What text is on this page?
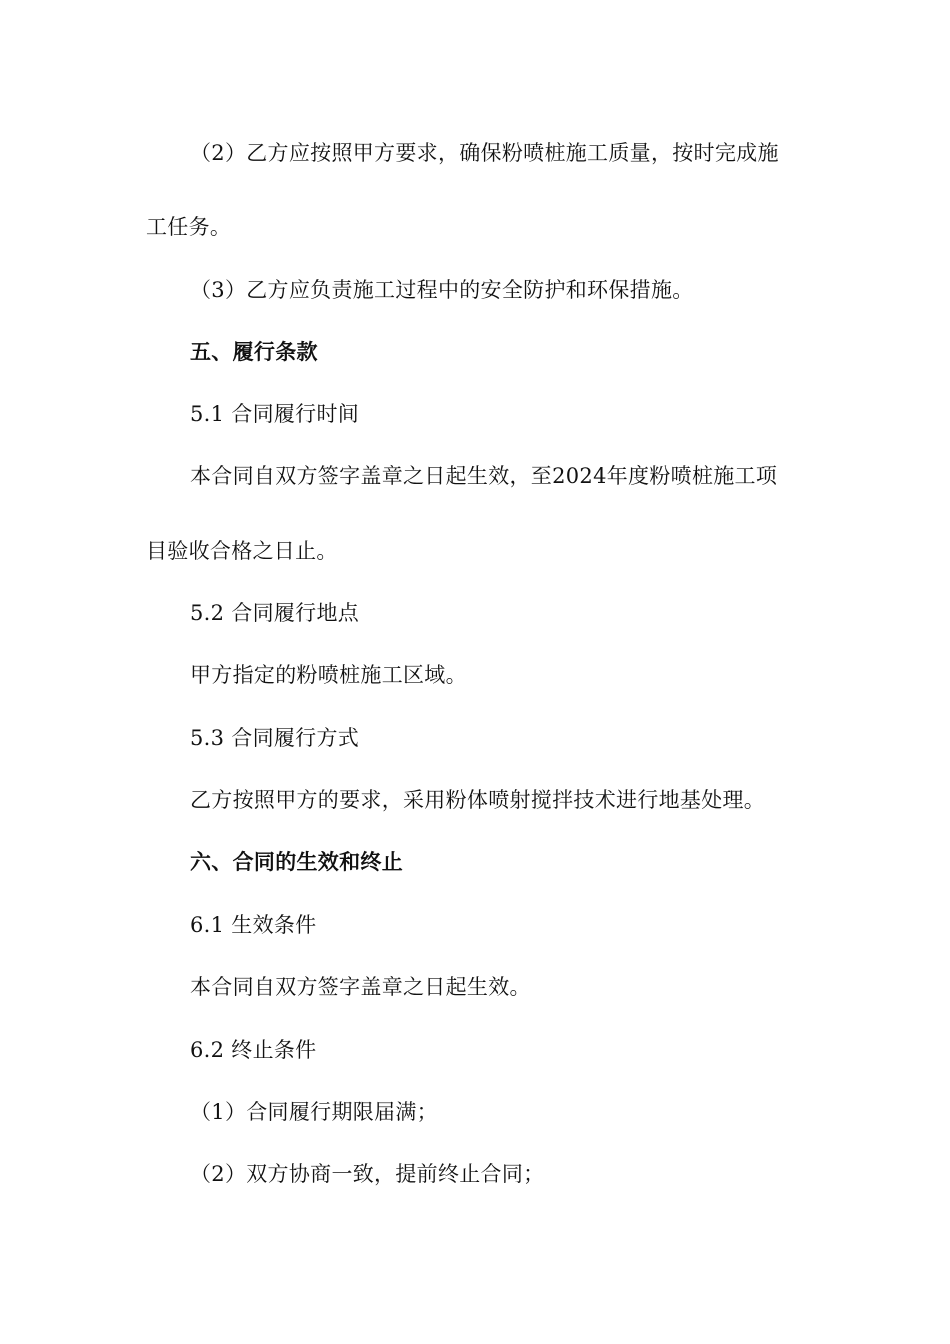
（2）乙方应按照甲方要求，确保粉喷桩施工质量，按时完成施
工任务。
（3）乙方应负责施工过程中的安全防护和环保措施。
五、履行条款
5.1 合同履行时间
本合同自双方签字盖章之日起生效，至2024年度粉喷桩施工项
目验收合格之日止。
5.2 合同履行地点
甲方指定的粉喷桩施工区域。
5.3 合同履行方式
乙方按照甲方的要求，采用粉体喷射搅拌技术进行地基处理。
六、合同的生效和终止
6.1 生效条件
本合同自双方签字盖章之日起生效。
6.2 终止条件
（1）合同履行期限届满；
（2）双方协商一致，提前终止合同；
